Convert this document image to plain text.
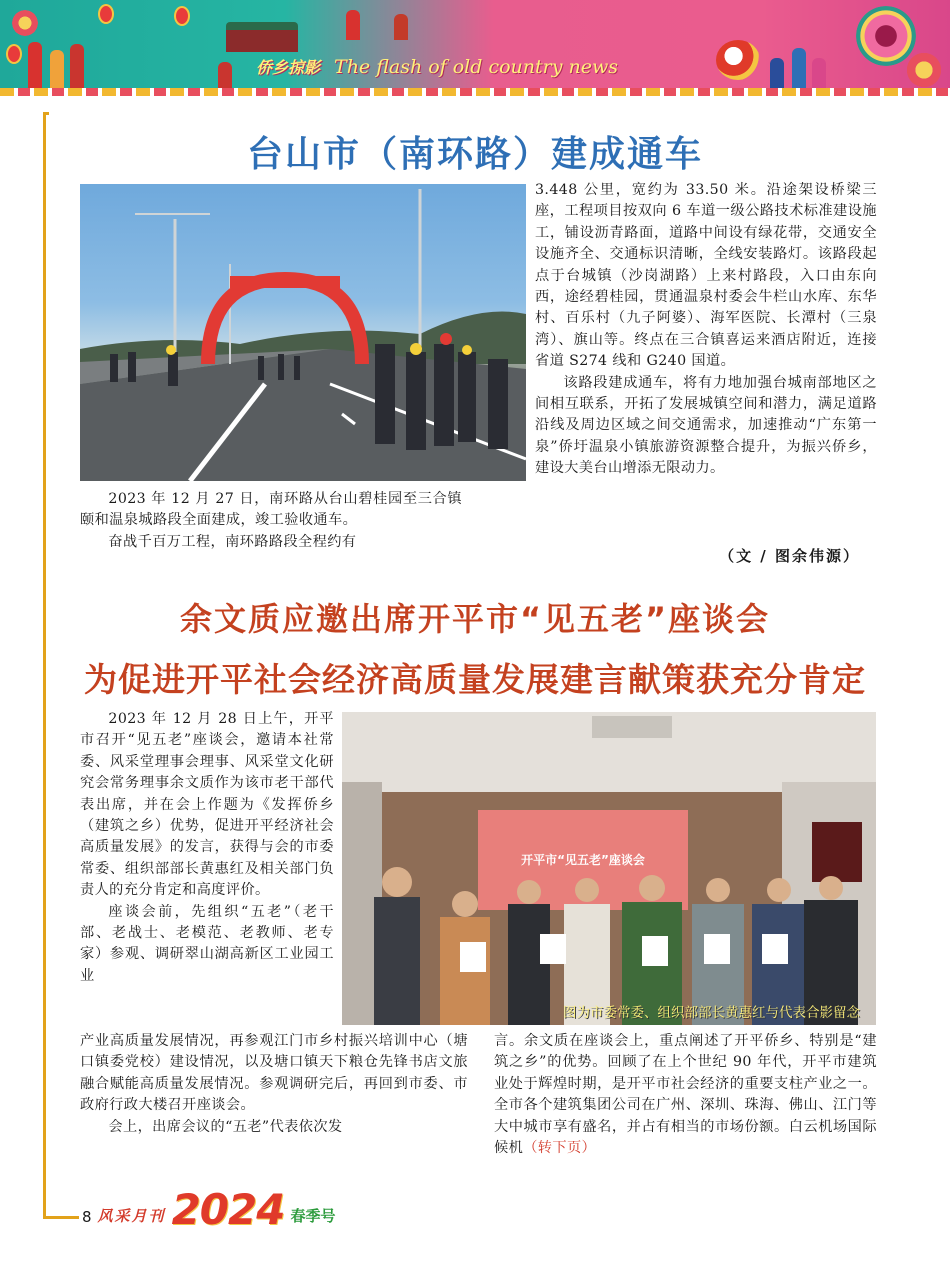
侨乡掠影 The flash of old country news
台山市（南环路）建成通车

3.448 公里，宽约为 33.50 米。沿途架设桥梁三座，工程项目按双向 6 车道一级公路技术标准建设施工，铺设沥青路面，道路中间设有绿花带，交通安全设施齐全、交通标识清晰，全线安装路灯。该路段起点于台城镇（沙岗湖路）上来村路段，入口由东向西，途经碧桂园，贯通温泉村委会牛栏山水库、东华村、百乐村（九子阿婆）、海军医院、长潭村（三泉湾）、旗山等。终点在三合镇喜运来酒店附近，连接省道 S274 线和 G240 国道。

该路段建成通车，将有力地加强台城南部地区之间相互联系，开拓了发展城镇空间和潜力，满足道路沿线及周边区域之间交通需求，加速推动“广东第一泉”侨圩温泉小镇旅游资源整合提升，为振兴侨乡，建设大美台山增添无限动力。

2023 年 12 月 27 日，南环路从台山碧桂园至三合镇颐和温泉城路段全面建成，竣工验收通车。

奋战千百万工程，南环路路段全程约有

（文 / 图余伟源）
余文质应邀出席开平市“见五老”座谈会
为促进开平社会经济高质量发展建言献策获充分肯定

2023 年 12 月 28 日上午，开平市召开“见五老”座谈会，邀请本社常委、风采堂理事会理事、风采堂文化研究会常务理事余文质作为该市老干部代表出席，并在会上作题为《发挥侨乡（建筑之乡）优势，促进开平经济社会高质量发展》的发言，获得与会的市委常委、组织部部长黄惠红及相关部门负责人的充分肯定和高度评价。

座谈会前，先组织“五老”（老干部、老战士、老模范、老教师、老专家）参观、调研翠山湖高新区工业园工业

开平市“见五老”座谈会
图为市委常委、组织部部长黄惠红与代表合影留念

产业高质量发展情况，再参观江门市乡村振兴培训中心（塘口镇委党校）建设情况，以及塘口镇天下粮仓先锋书店文旅融合赋能高质量发展情况。参观调研完后，再回到市委、市政府行政大楼召开座谈会。

会上，出席会议的“五老”代表依次发

言。余文质在座谈会上，重点阐述了开平侨乡、特别是“建筑之乡”的优势。回顾了在上个世纪 90 年代，开平市建筑业处于辉煌时期，是开平市社会经济的重要支柱产业之一。全市各个建筑集团公司在广州、深圳、珠海、佛山、江门等大中城市享有盛名，并占有相当的市场份额。白云机场国际候机（转下页）

8 风采月刊 2024 春季号
